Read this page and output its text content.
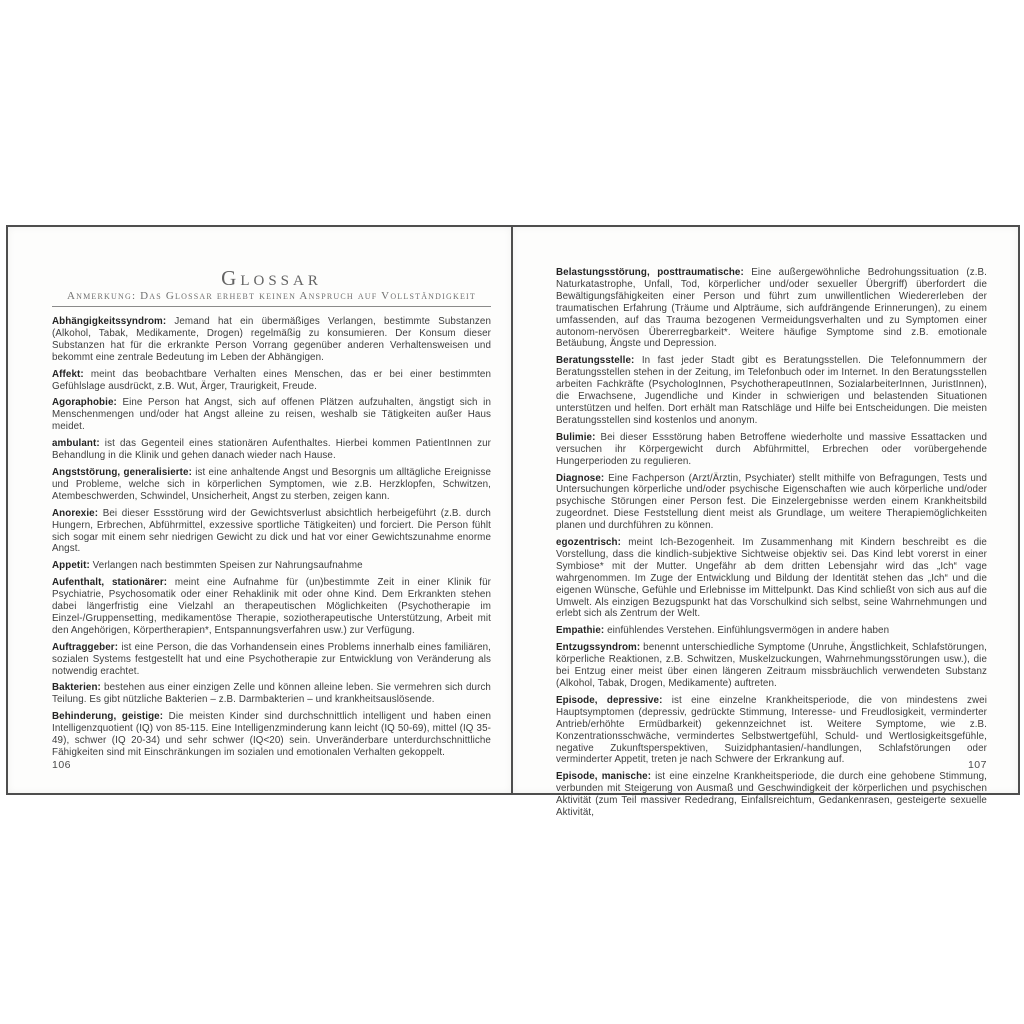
Glossar
Anmerkung: Das Glossar erhebt keinen Anspruch auf Vollständigkeit

Abhängigkeitssyndrom: Jemand hat ein übermäßiges Verlangen, bestimmte Substanzen (Alkohol, Tabak, Medikamente, Drogen) regelmäßig zu konsumieren. Der Konsum dieser Substanzen hat für die erkrankte Person Vorrang gegenüber anderen Verhaltensweisen und bekommt eine zentrale Bedeutung im Leben der Abhängigen.

Affekt: meint das beobachtbare Verhalten eines Menschen, das er bei einer bestimmten Gefühlslage ausdrückt, z.B. Wut, Ärger, Traurigkeit, Freude.

Agoraphobie: Eine Person hat Angst, sich auf offenen Plätzen aufzuhalten, ängstigt sich in Menschenmengen und/oder hat Angst alleine zu reisen, weshalb sie Tätigkeiten außer Haus meidet.

ambulant: ist das Gegenteil eines stationären Aufenthaltes. Hierbei kommen PatientInnen zur Behandlung in die Klinik und gehen danach wieder nach Hause.

Angststörung, generalisierte: ist eine anhaltende Angst und Besorgnis um alltägliche Ereignisse und Probleme, welche sich in körperlichen Symptomen, wie z.B. Herzklopfen, Schwitzen, Atembeschwerden, Schwindel, Unsicherheit, Angst zu sterben, zeigen kann.

Anorexie: Bei dieser Essstörung wird der Gewichtsverlust absichtlich herbeigeführt (z.B. durch Hungern, Erbrechen, Abführmittel, exzessive sportliche Tätigkeiten) und forciert. Die Person fühlt sich sogar mit einem sehr niedrigen Gewicht zu dick und hat vor einer Gewichtszunahme enorme Angst.

Appetit: Verlangen nach bestimmten Speisen zur Nahrungsaufnahme

Aufenthalt, stationärer: meint eine Aufnahme für (un)bestimmte Zeit in einer Klinik für Psychiatrie, Psychosomatik oder einer Rehaklinik mit oder ohne Kind. Dem Erkrankten stehen dabei längerfristig eine Vielzahl an therapeutischen Möglichkeiten (Psychotherapie im Einzel-/Gruppensetting, medikamentöse Therapie, soziotherapeutische Unterstützung, Arbeit mit den Angehörigen, Körpertherapien*, Entspannungsverfahren usw.) zur Verfügung.

Auftraggeber: ist eine Person, die das Vorhandensein eines Problems innerhalb eines familiären, sozialen Systems festgestellt hat und eine Psychotherapie zur Entwicklung von Veränderung als notwendig erachtet.

Bakterien: bestehen aus einer einzigen Zelle und können alleine leben. Sie vermehren sich durch Teilung. Es gibt nützliche Bakterien – z.B. Darmbakterien – und krankheitsauslösende.

Behinderung, geistige: Die meisten Kinder sind durchschnittlich intelligent und haben einen Intelligenzquotient (IQ) von 85-115. Eine Intelligenzminderung kann leicht (IQ 50-69), mittel (IQ 35-49), schwer (IQ 20-34) und sehr schwer (IQ<20) sein. Unveränderbare unterdurchschnittliche Fähigkeiten sind mit Einschränkungen im sozialen und emotionalen Verhalten gekoppelt.

106

Belastungsstörung, posttraumatische: Eine außergewöhnliche Bedrohungssituation (z.B. Naturkatastrophe, Unfall, Tod, körperlicher und/oder sexueller Übergriff) überfordert die Bewältigungsfähigkeiten einer Person und führt zum unwillentlichen Wiedererleben der traumatischen Erfahrung (Träume und Alpträume, sich aufdrängende Erinnerungen), zu einem umfassenden, auf das Trauma bezogenen Vermeidungsverhalten und zu Symptomen einer autonom-nervösen Übererregbarkeit*. Weitere häufige Symptome sind z.B. emotionale Betäubung, Ängste und Depression.

Beratungsstelle: In fast jeder Stadt gibt es Beratungsstellen. Die Telefonnummern der Beratungsstellen stehen in der Zeitung, im Telefonbuch oder im Internet. In den Beratungsstellen arbeiten Fachkräfte (PsychologInnen, PsychotherapeutInnen, SozialarbeiterInnen, JuristInnen), die Erwachsene, Jugendliche und Kinder in schwierigen und belastenden Situationen unterstützen und helfen. Dort erhält man Ratschläge und Hilfe bei Entscheidungen. Die meisten Beratungsstellen sind kostenlos und anonym.

Bulimie: Bei dieser Essstörung haben Betroffene wiederholte und massive Essattacken und versuchen ihr Körpergewicht durch Abführmittel, Erbrechen oder vorübergehende Hungerperioden zu regulieren.

Diagnose: Eine Fachperson (Arzt/Ärztin, Psychiater) stellt mithilfe von Befragungen, Tests und Untersuchungen körperliche und/oder psychische Eigenschaften wie auch körperliche und/oder psychische Störungen einer Person fest. Die Einzelergebnisse werden einem Krankheitsbild zugeordnet. Diese Feststellung dient meist als Grundlage, um weitere Therapiemöglichkeiten planen und durchführen zu können.

egozentrisch: meint Ich-Bezogenheit. Im Zusammenhang mit Kindern beschreibt es die Vorstellung, dass die kindlich-subjektive Sichtweise objektiv sei. Das Kind lebt vorerst in einer Symbiose* mit der Mutter. Ungefähr ab dem dritten Lebensjahr wird das „Ich“ vage wahrgenommen. Im Zuge der Entwicklung und Bildung der Identität stehen das „Ich“ und die eigenen Wünsche, Gefühle und Erlebnisse im Mittelpunkt. Das Kind schließt von sich aus auf die Umwelt. Als einzigen Bezugspunkt hat das Vorschulkind sich selbst, seine Wahrnehmungen und erlebt sich als Zentrum der Welt.

Empathie: einfühlendes Verstehen. Einfühlungsvermögen in andere haben

Entzugssyndrom: benennt unterschiedliche Symptome (Unruhe, Ängstlichkeit, Schlafstörungen, körperliche Reaktionen, z.B. Schwitzen, Muskelzuckungen, Wahrnehmungsstörungen usw.), die bei Entzug einer meist über einen längeren Zeitraum missbräuchlich verwendeten Substanz (Alkohol, Tabak, Drogen, Medikamente) auftreten.

Episode, depressive: ist eine einzelne Krankheitsperiode, die von mindestens zwei Hauptsymptomen (depressiv, gedrückte Stimmung, Interesse- und Freudlosigkeit, verminderter Antrieb/erhöhte Ermüdbarkeit) gekennzeichnet ist. Weitere Symptome, wie z.B. Konzentrationsschwäche, vermindertes Selbstwertgefühl, Schuld- und Wertlosigkeitsgefühle, negative Zukunftsperspektiven, Suizidphantasien/-handlungen, Schlafstörungen oder verminderter Appetit, treten je nach Schwere der Erkrankung auf.

Episode, manische: ist eine einzelne Krankheitsperiode, die durch eine gehobene Stimmung, verbunden mit Steigerung von Ausmaß und Geschwindigkeit der körperlichen und psychischen Aktivität (zum Teil massiver Rededrang, Einfallsreichtum, Gedankenrasen, gesteigerte sexuelle Aktivität,

107
